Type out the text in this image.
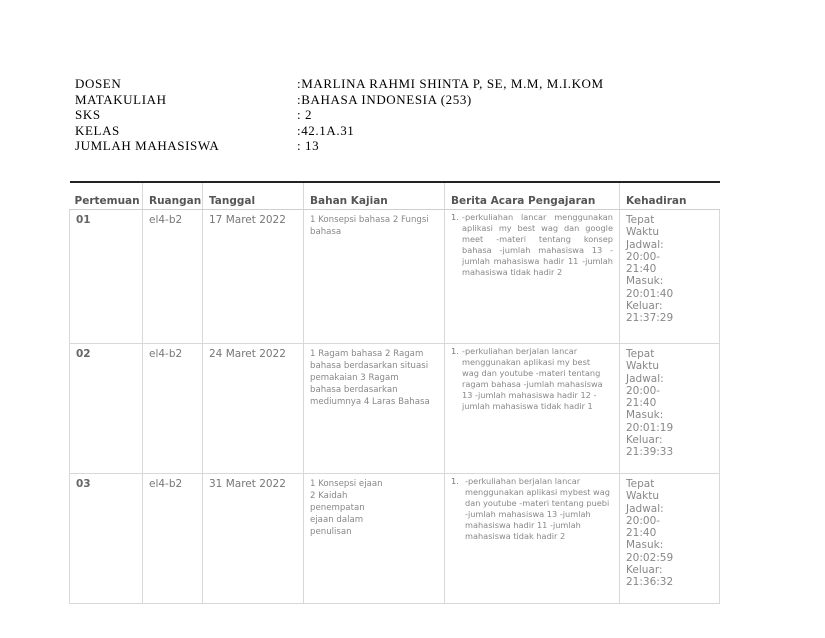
DOSEN	:MARLINA RAHMI SHINTA P, SE, M.M, M.I.KOM
MATAKULIAH	:BAHASA INDONESIA (253)
SKS	: 2
KELAS	:42.1A.31
JUMLAH MAHASISWA	: 13
Pertemuan	Ruangan	Tanggal	Bahan Kajian	Berita Acara Pengajaran	Kehadiran
01	el4-b2	17 Maret 2022	1 Konsepsi bahasa 2 Fungsi bahasa	1. -perkuliahan lancar menggunakan aplikasi my best wag dan google meet -materi tentang konsep bahasa -jumlah mahasiswa 13 -jumlah mahasiswa hadir 11 -jumlah mahasiswa tidak hadir 2	Tepat Waktu Jadwal: 20:00-21:40 Masuk: 20:01:40 Keluar: 21:37:29

02	el4-b2	24 Maret 2022	1 Ragam bahasa 2 Ragam bahasa berdasarkan situasi pemakaian 3 Ragam bahasa berdasarkan mediumnya 4 Laras Bahasa	1. -perkuliahan berjalan lancar menggunakan aplikasi my best wag dan youtube -materi tentang ragam bahasa -jumlah mahasiswa 13 -jumlah mahasiswa hadir 12 -jumlah mahasiswa tidak hadir 1	Tepat Waktu Jadwal: 20:00-21:40 Masuk: 20:01:19 Keluar: 21:39:33

03	el4-b2	31 Maret 2022	1 Konsepsi ejaan 2 Kaidah penempatan ejaan dalam penulisan	1. -perkuliahan berjalan lancar menggunakan aplikasi mybest wag dan youtube -materi tentang puebi -jumlah mahasiswa 13 -jumlah mahasiswa hadir 11 -jumlah mahasiswa tidak hadir 2	Tepat Waktu Jadwal: 20:00-21:40 Masuk: 20:02:59 Keluar: 21:36:32
